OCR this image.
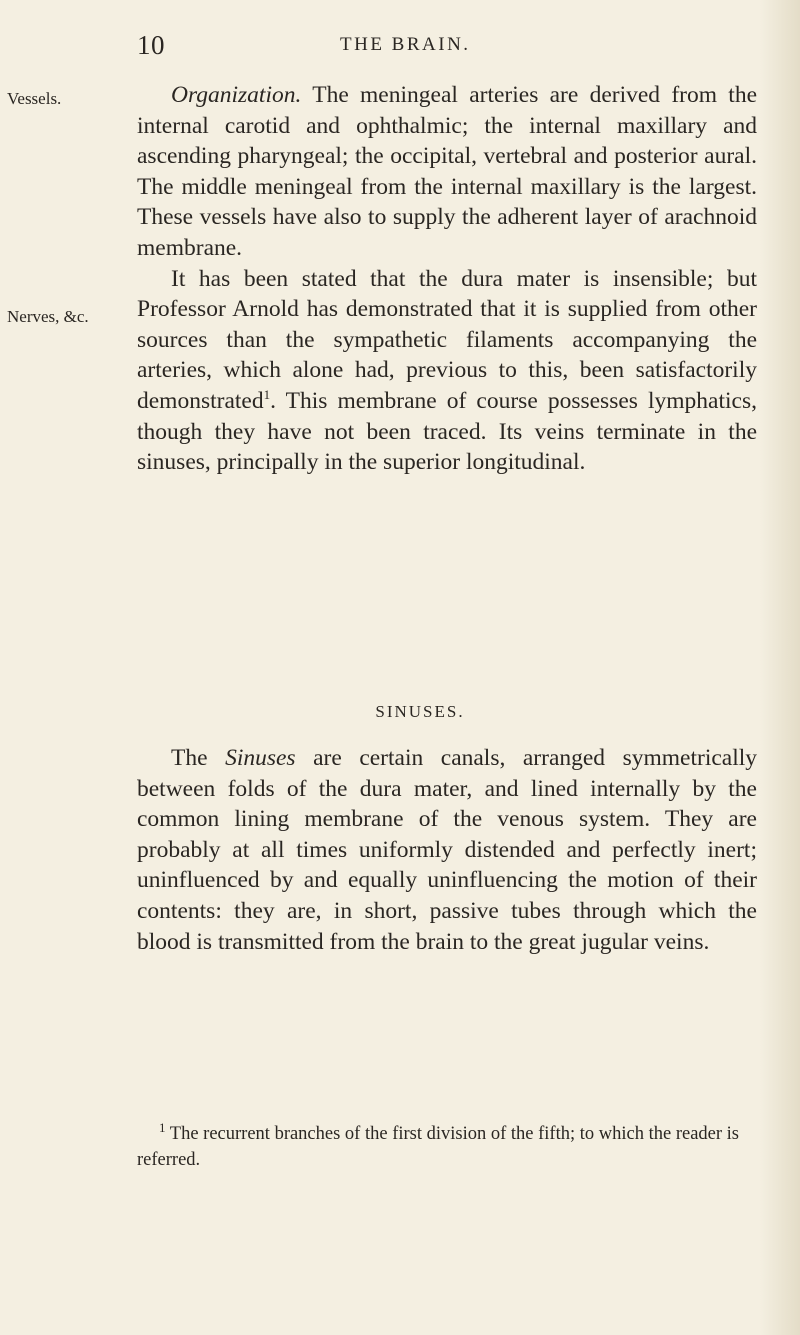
10	THE BRAIN.
Vessels.
Nerves, &c.

Organization. The meningeal arteries are derived from the internal carotid and ophthalmic; the internal maxillary and ascending pharyngeal; the occipital, vertebral and posterior aural. The middle meningeal from the internal maxillary is the largest. These vessels have also to supply the adherent layer of arachnoid membrane.

It has been stated that the dura mater is insensible; but Professor Arnold has demonstrated that it is supplied from other sources than the sympathetic filaments accompanying the arteries, which alone had, previous to this, been satisfactorily demonstrated$^1$. This membrane of course possesses lymphatics, though they have not been traced. Its veins terminate in the sinuses, principally in the superior longitudinal.

SINUSES.

The Sinuses are certain canals, arranged symmetrically between folds of the dura mater, and lined internally by the common lining membrane of the venous system. They are probably at all times uniformly distended and perfectly inert; uninfluenced by and equally uninfluencing the motion of their contents: they are, in short, passive tubes through which the blood is transmitted from the brain to the great jugular veins.

$^1$ The recurrent branches of the first division of the fifth; to which the reader is referred.
